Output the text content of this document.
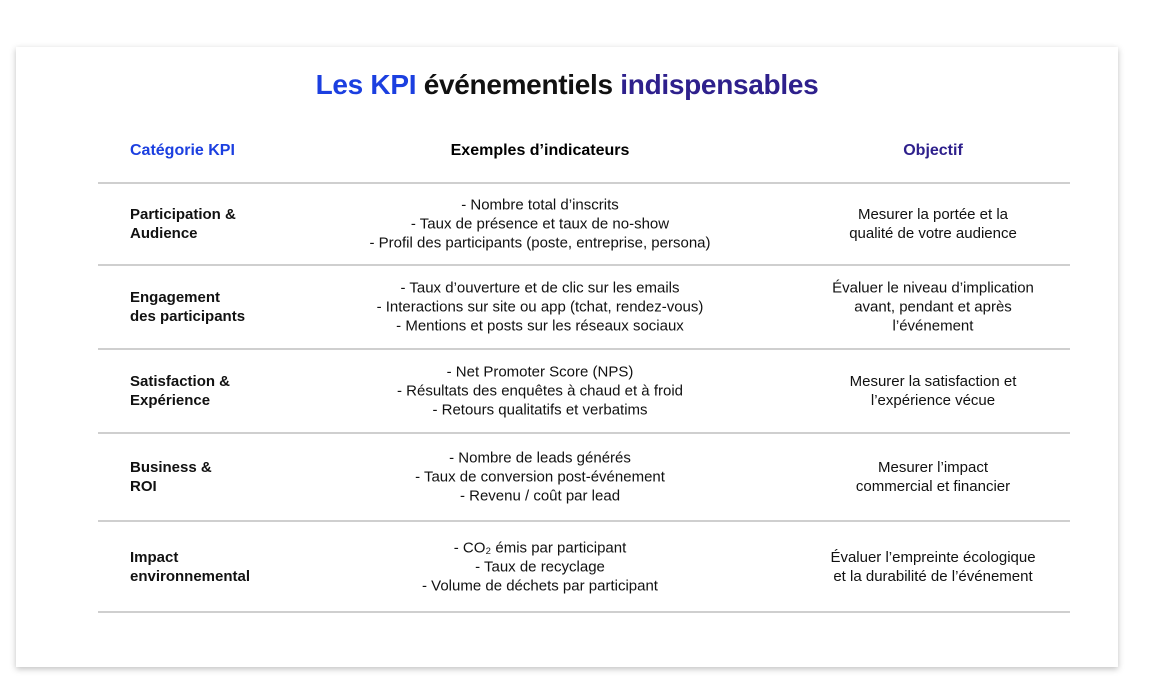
Les KPI événementiels indispensables
Catégorie KPI	Exemples d’indicateurs	Objectif
Participation &
Audience
- Nombre total d’inscrits
- Taux de présence et taux de no-show
- Profil des participants (poste, entreprise, persona)
Mesurer la portée et la
qualité de votre audience
Engagement
des participants
- Taux d’ouverture et de clic sur les emails
- Interactions sur site ou app (tchat, rendez-vous)
- Mentions et posts sur les réseaux sociaux
Évaluer le niveau d’implication
avant, pendant et après
l’événement
Satisfaction &
Expérience
- Net Promoter Score (NPS)
- Résultats des enquêtes à chaud et à froid
- Retours qualitatifs et verbatims
Mesurer la satisfaction et
l’expérience vécue
Business &
ROI
- Nombre de leads générés
- Taux de conversion post-événement
- Revenu / coût par lead
Mesurer l’impact
commercial et financier
Impact
environnemental
- CO₂ émis par participant
- Taux de recyclage
- Volume de déchets par participant
Évaluer l’empreinte écologique
et la durabilité de l’événement
